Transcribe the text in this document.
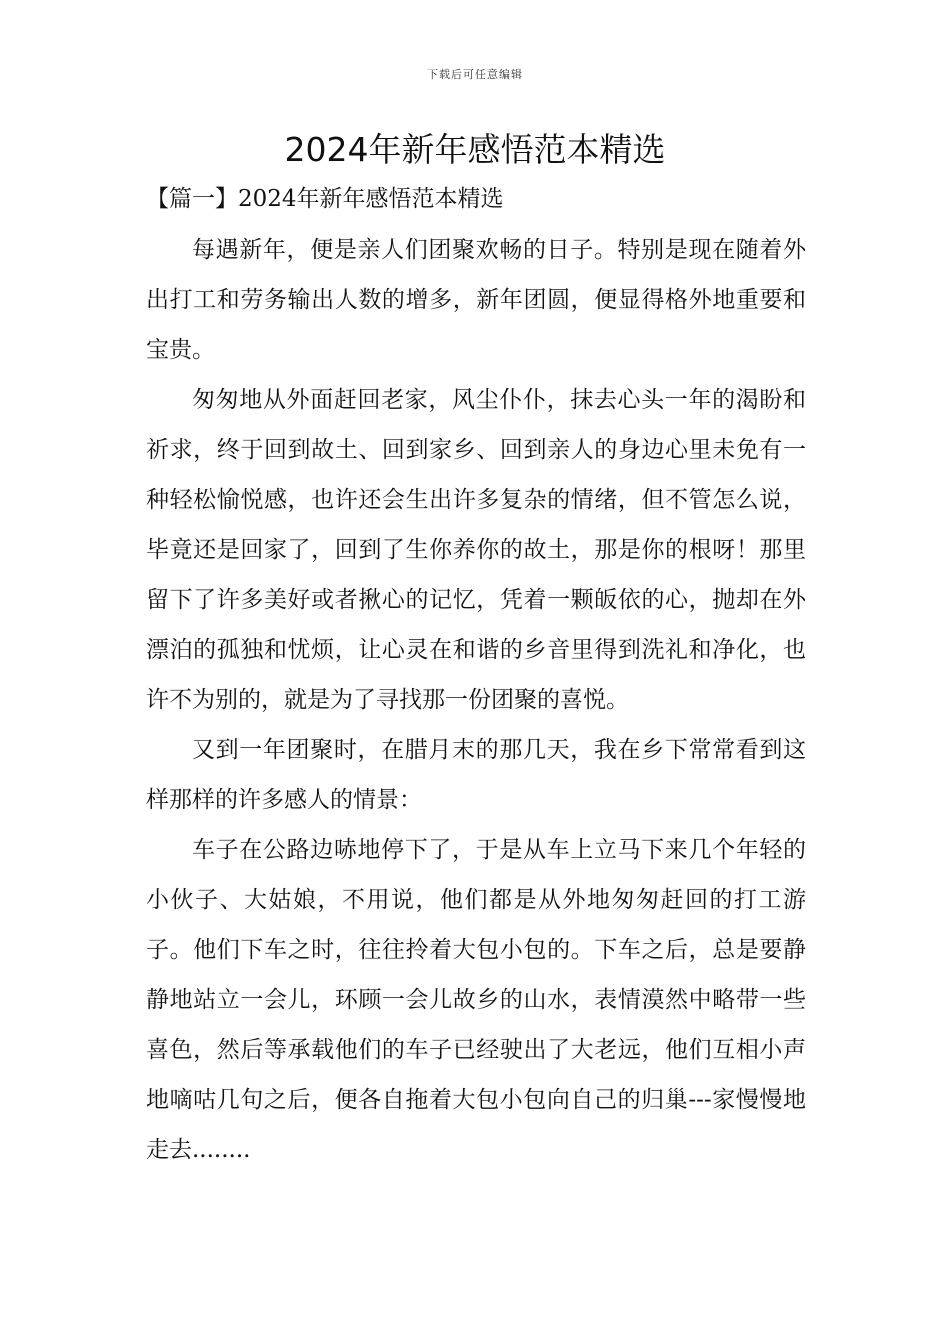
下载后可任意编辑
2024年新年感悟范本精选
【篇一】2024年新年感悟范本精选

每遇新年，便是亲人们团聚欢畅的日子。特别是现在随着外出打工和劳务输出人数的增多，新年团圆，便显得格外地重要和宝贵。

匆匆地从外面赶回老家，风尘仆仆，抹去心头一年的渴盼和祈求，终于回到故土、回到家乡、回到亲人的身边心里未免有一种轻松愉悦感，也许还会生出许多复杂的情绪，但不管怎么说，毕竟还是回家了，回到了生你养你的故土，那是你的根呀！那里留下了许多美好或者揪心的记忆，凭着一颗皈依的心，抛却在外漂泊的孤独和忧烦，让心灵在和谐的乡音里得到洗礼和净化，也许不为别的，就是为了寻找那一份团聚的喜悦。

又到一年团聚时，在腊月末的那几天，我在乡下常常看到这样那样的许多感人的情景：

车子在公路边哧地停下了，于是从车上立马下来几个年轻的小伙子、大姑娘，不用说，他们都是从外地匆匆赶回的打工游子。他们下车之时，往往拎着大包小包的。下车之后，总是要静静地站立一会儿，环顾一会儿故乡的山水，表情漠然中略带一些喜色，然后等承载他们的车子已经驶出了大老远，他们互相小声地嘀咕几句之后，便各自拖着大包小包向自己的归巢---家慢慢地走去........
